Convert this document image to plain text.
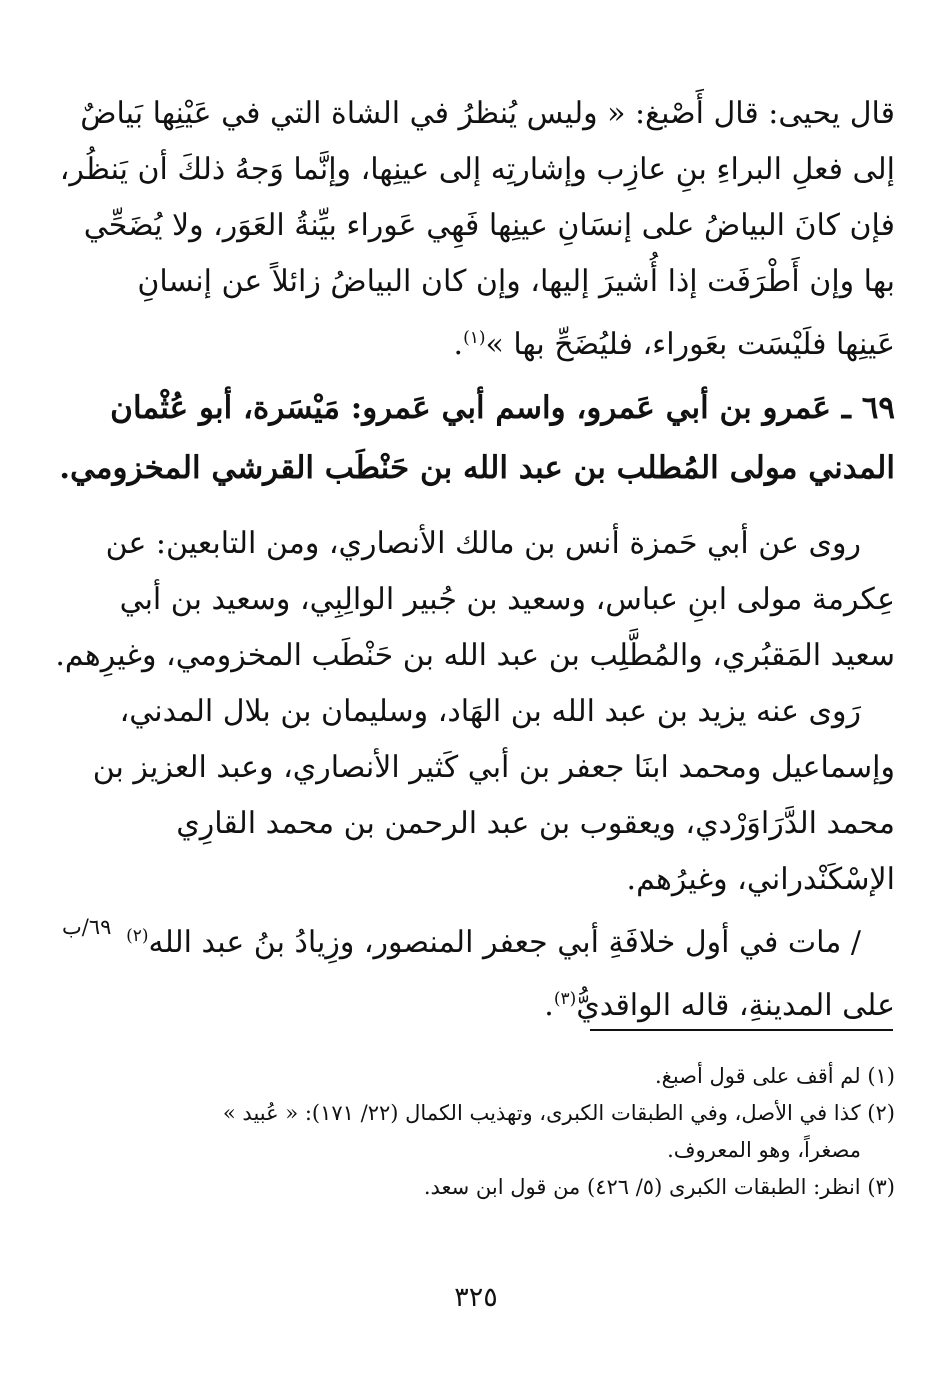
قال يحيى: قال أَصْبغ: « وليس يُنظرُ في الشاة التي في عَيْنِها بَياضٌ
إلى فعلِ البراءِ بنِ عازِب وإشارتِه إلى عينِها، وإنَّما وَجهُ ذلكَ أن يَنظُر،
فإن كانَ البياضُ على إنسَانِ عينِها فَهِي عَوراء بيِّنةُ العَوَر، ولا يُضَحِّي
بها وإن أَطْرَفَت إذا أُشيرَ إليها، وإن كان البياضُ زائلاً عن إنسانِ
عَينِها فلَيْسَت بعَوراء، فليُضَحِّ بها »$^{(١)}$.
٦٩ ـ عَمرو بن أبي عَمرو، واسم أبي عَمرو: مَيْسَرة، أبو عُثْمان
المدني مولى المُطلب بن عبد الله بن حَنْطَب القرشي المخزومي.
روى عن أبي حَمزة أنس بن مالك الأنصاري، ومن التابعين: عن
عِكرمة مولى ابنِ عباس، وسعيد بن جُبير الوالِبِي، وسعيد بن أبي
سعيد المَقبُري، والمُطَّلِب بن عبد الله بن حَنْطَب المخزومي، وغيرِهم.
رَوى عنه يزيد بن عبد الله بن الهَاد، وسليمان بن بلال المدني،
وإسماعيل ومحمد ابنَا جعفر بن أبي كَثير الأنصاري، وعبد العزيز بن
محمد الدَّرَاوَرْدي، ويعقوب بن عبد الرحمن بن محمد القارِي
الإسْكَنْدراني، وغيرُهم.
/ مات في أول خلافَةِ أبي جعفر المنصور، وزِيادُ بنُ عبد الله$^{(٢)}$
على المدينةِ، قاله الواقديُّ$^{(٣)}$.
٦٩/ب
(١) لم أقف على قول أصبغ.
(٢) كذا في الأصل، وفي الطبقات الكبرى، وتهذيب الكمال (٢٢/ ١٧١): « عُبيد »
مصغراً، وهو المعروف.
(٣) انظر: الطبقات الكبرى (٥/ ٤٢٦) من قول ابن سعد.
٣٢٥
